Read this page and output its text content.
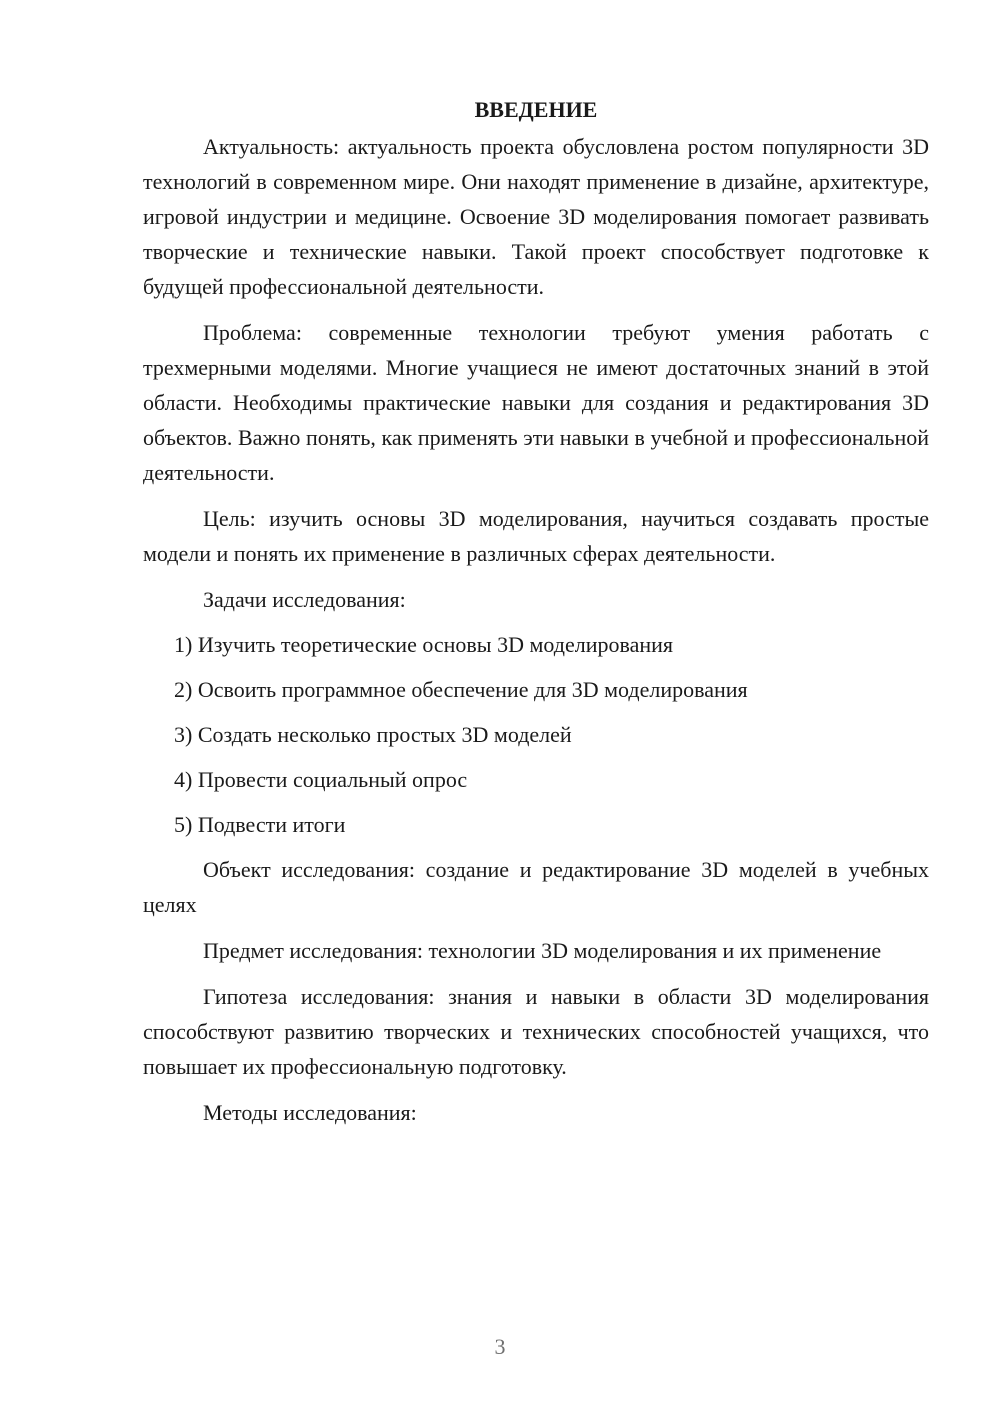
ВВЕДЕНИЕ

Актуальность: актуальность проекта обусловлена ростом популярности 3D технологий в современном мире. Они находят применение в дизайне, архитектуре, игровой индустрии и медицине. Освоение 3D моделирования помогает развивать творческие и технические навыки. Такой проект способствует подготовке к будущей профессиональной деятельности.

Проблема: современные технологии требуют умения работать с трехмерными моделями. Многие учащиеся не имеют достаточных знаний в этой области. Необходимы практические навыки для создания и редактирования 3D объектов. Важно понять, как применять эти навыки в учебной и профессиональной деятельности.

Цель: изучить основы 3D моделирования, научиться создавать простые модели и понять их применение в различных сферах деятельности.

Задачи исследования:
1) Изучить теоретические основы 3D моделирования
2) Освоить программное обеспечение для 3D моделирования
3) Создать несколько простых 3D моделей
4) Провести социальный опрос
5) Подвести итоги

Объект исследования: создание и редактирование 3D моделей в учебных целях

Предмет исследования: технологии 3D моделирования и их применение

Гипотеза исследования: знания и навыки в области 3D моделирования способствуют развитию творческих и технических способностей учащихся, что повышает их профессиональную подготовку.

Методы исследования:
3
